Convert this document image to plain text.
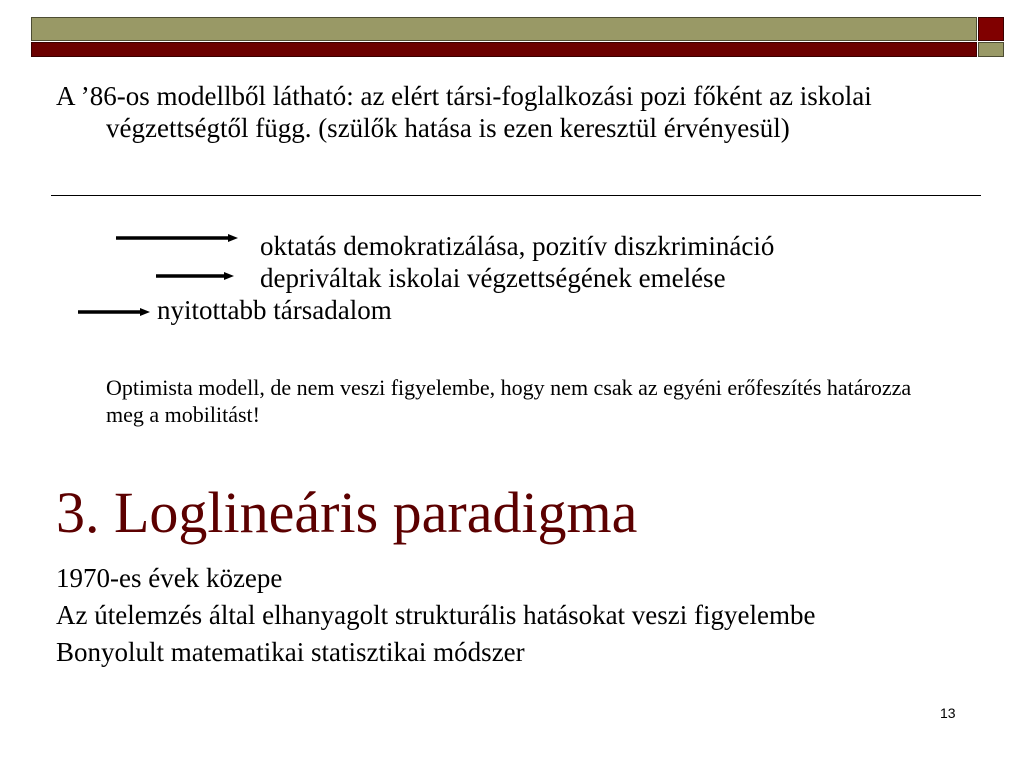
A ’86-os modellből látható: az elért társi-foglalkozási pozi főként az iskolai végzettségtől függ. (szülők hatása is ezen keresztül érvényesül)

oktatás demokratizálása, pozitív diszkrimináció
depriváltak iskolai végzettségének emelése
nyitottabb társadalom

Optimista modell, de nem veszi figyelembe, hogy nem csak az egyéni erőfeszítés határozza meg a mobilitást!

3. Loglineáris paradigma
1970-es évek közepe
Az útelemzés által elhanyagolt strukturális hatásokat veszi figyelembe
Bonyolult matematikai statisztikai módszer
13
